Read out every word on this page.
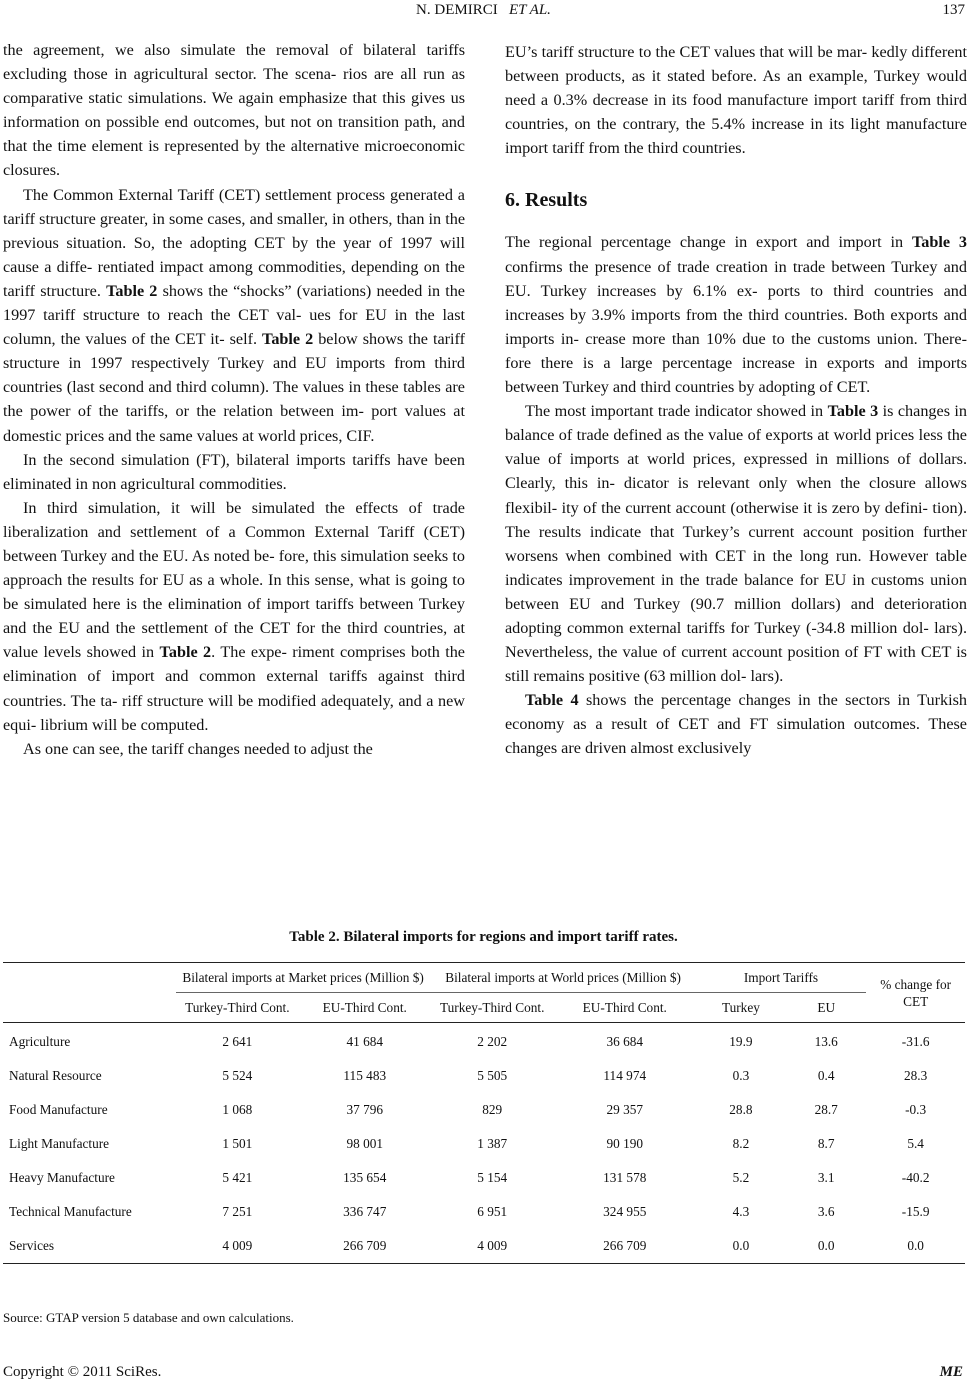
N. DEMIRCI ET AL.	137

the agreement, we also simulate the removal of bilateral tariffs excluding those in agricultural sector. The scena- rios are all run as comparative static simulations. We again emphasize that this gives us information on possible end outcomes, but not on transition path, and that the time element is represented by the alternative microeconomic closures.

The Common External Tariff (CET) settlement process generated a tariff structure greater, in some cases, and smaller, in others, than in the previous situation. So, the adopting CET by the year of 1997 will cause a diffe- rentiated impact among commodities, depending on the tariff structure. Table 2 shows the “shocks” (variations) needed in the 1997 tariff structure to reach the CET val- ues for EU in the last column, the values of the CET it- self. Table 2 below shows the tariff structure in 1997 respectively Turkey and EU imports from third countries (last second and third column). The values in these tables are the power of the tariffs, or the relation between im- port values at domestic prices and the same values at world prices, CIF.

In the second simulation (FT), bilateral imports tariffs have been eliminated in non agricultural commodities.

In third simulation, it will be simulated the effects of trade liberalization and settlement of a Common External Tariff (CET) between Turkey and the EU. As noted be- fore, this simulation seeks to approach the results for EU as a whole. In this sense, what is going to be simulated here is the elimination of import tariffs between Turkey and the EU and the settlement of the CET for the third countries, at value levels showed in Table 2. The expe- riment comprises both the elimination of import and common external tariffs against third countries. The ta- riff structure will be modified adequately, and a new equi- librium will be computed.

As one can see, the tariff changes needed to adjust the

EU’s tariff structure to the CET values that will be mar- kedly different between products, as it stated before. As an example, Turkey would need a 0.3% decrease in its food manufacture import tariff from third countries, on the contrary, the 5.4% increase in its light manufacture import tariff from the third countries.

6. Results

The regional percentage change in export and import in Table 3 confirms the presence of trade creation in trade between Turkey and EU. Turkey increases by 6.1% ex- ports to third countries and increases by 3.9% imports from the third countries. Both exports and imports in- crease more than 10% due to the customs union. There- fore there is a large percentage increase in exports and imports between Turkey and third countries by adopting of CET.

The most important trade indicator showed in Table 3 is changes in balance of trade defined as the value of exports at world prices less the value of imports at world prices, expressed in millions of dollars. Clearly, this in- dicator is relevant only when the closure allows flexibil- ity of the current account (otherwise it is zero by defini- tion). The results indicate that Turkey’s current account position further worsens when combined with CET in the long run. However table indicates improvement in the trade balance for EU in customs union between EU and Turkey (90.7 million dollars) and deterioration adopting common external tariffs for Turkey (-34.8 million dol- lars). Nevertheless, the value of current account position of FT with CET is still remains positive (63 million dol- lars).

Table 4 shows the percentage changes in the sectors in Turkish economy as a result of CET and FT simulation outcomes. These changes are driven almost exclusively

Table 2. Bilateral imports for regions and import tariff rates.
	Bilateral imports at Market prices (Million $)		Bilateral imports at World prices (Million $)		Import Tariffs		% change for CET
	Turkey-Third Cont.	EU-Third Cont.	Turkey-Third Cont.	EU-Third Cont.	Turkey	EU	
Agriculture	2 641	41 684	2 202	36 684	19.9	13.6	-31.6
Natural Resource	5 524	115 483	5 505	114 974	0.3	0.4	28.3
Food Manufacture	1 068	37 796	829	29 357	28.8	28.7	-0.3
Light Manufacture	1 501	98 001	1 387	90 190	8.2	8.7	5.4
Heavy Manufacture	5 421	135 654	5 154	131 578	5.2	3.1	-40.2
Technical Manufacture	7 251	336 747	6 951	324 955	4.3	3.6	-15.9
Services	4 009	266 709	4 009	266 709	0.0	0.0	0.0
Source: GTAP version 5 database and own calculations.
Copyright © 2011 SciRes.	ME
